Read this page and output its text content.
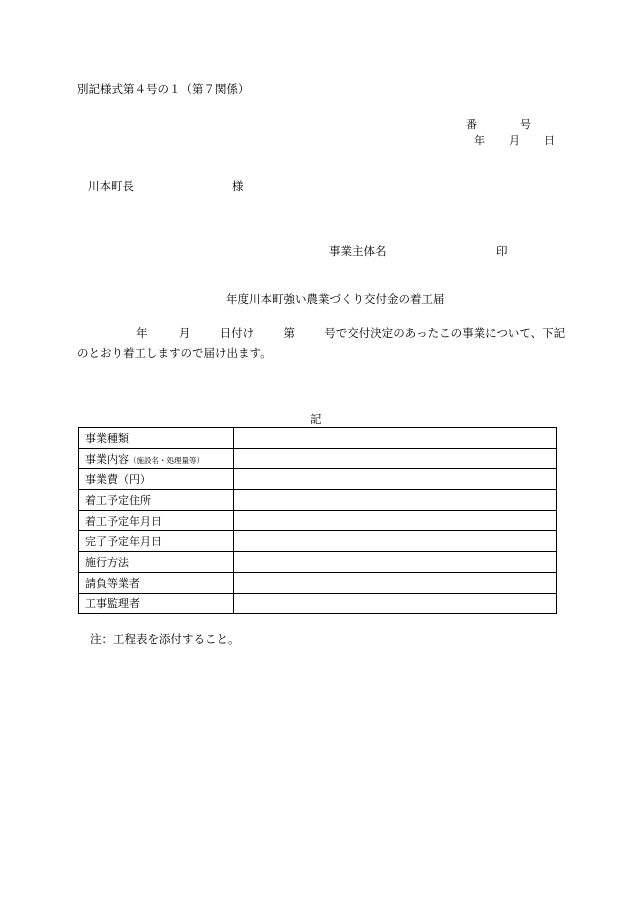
別記様式第４号の１（第７関係）
番	号
年 月 日
川本町長	様
事業主体名	印
年度川本町強い農業づくり交付金の着工届
年	月	日付け	第	号で交付決定のあったこの事業について、下記
のとおり着工しますので届け出ます。
記
事業種類	
事業内容（施設名・処理量等）	
事業費（円）	
着工予定住所	
着工予定年月日	
完了予定年月日	
施行方法	
請負等業者	
工事監理者	
注：工程表を添付すること。
